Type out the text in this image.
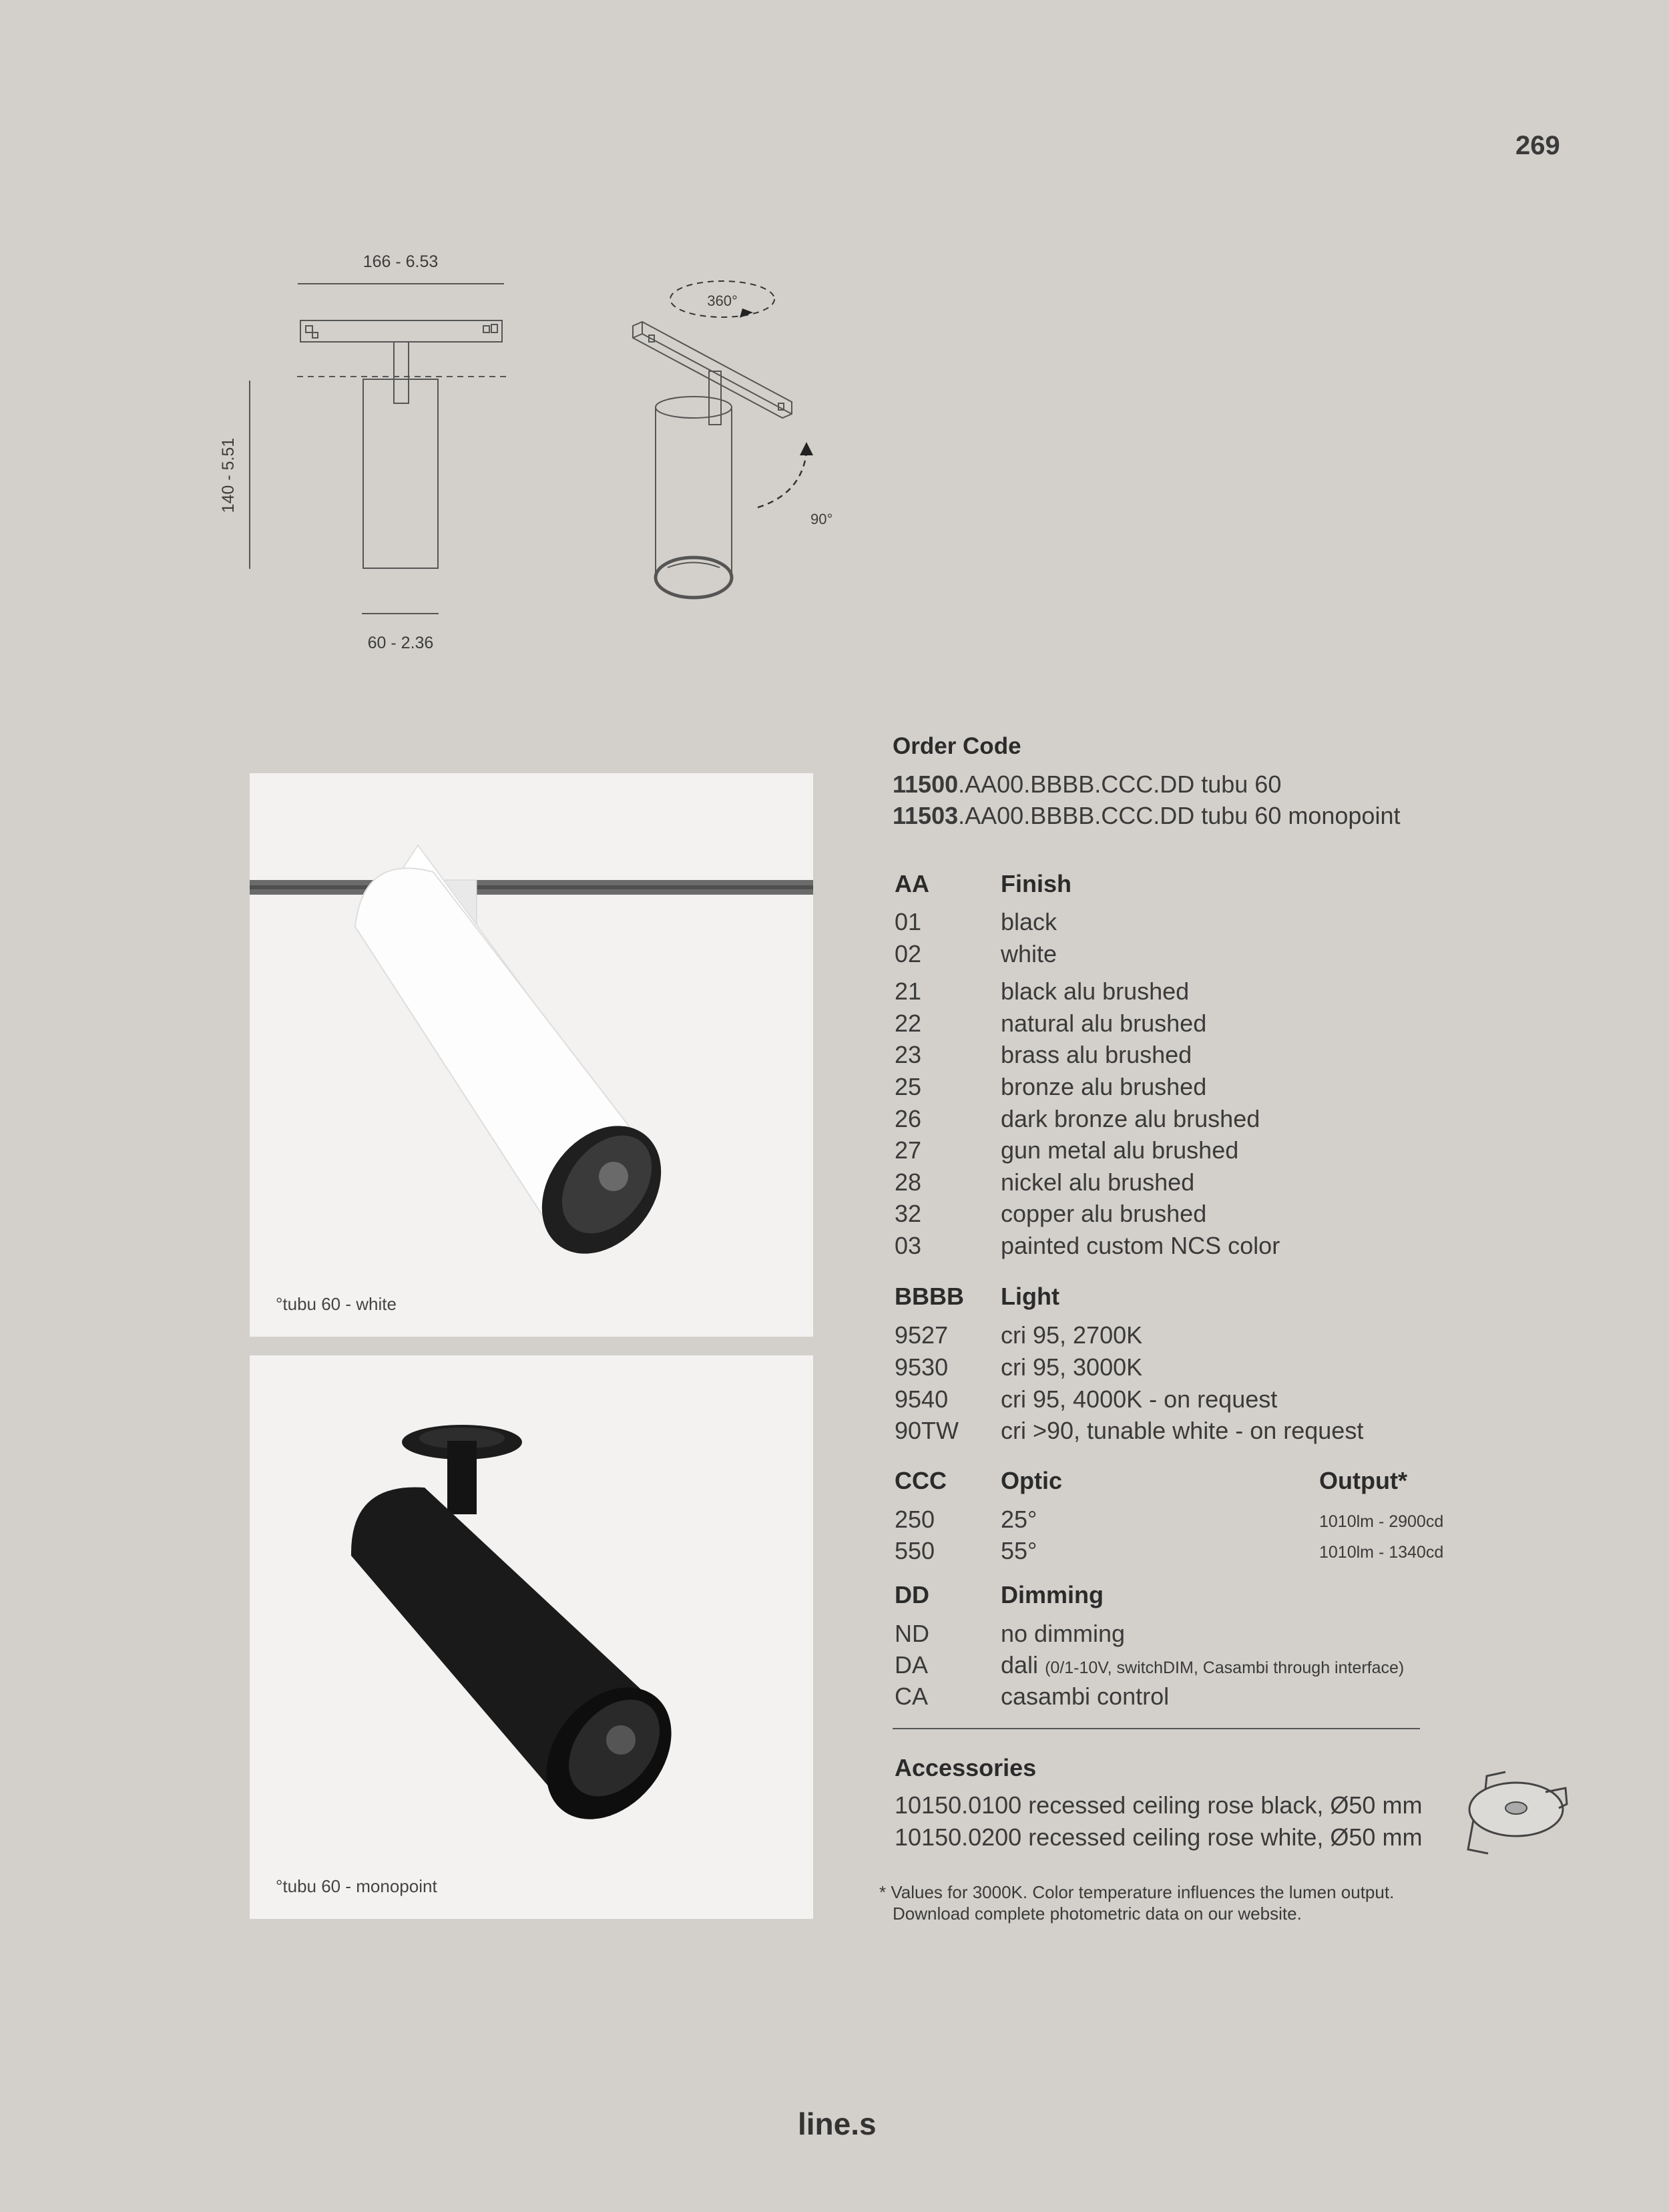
269
166 - 6.53
140 - 5.51
60 - 2.36
360°
90°
°tubu 60 - white
°tubu 60 - monopoint
Order Code
11500.AA00.BBBB.CCC.DD tubu 60
11503.AA00.BBBB.CCC.DD tubu 60 monopoint
AA	Finish
01	black
02	white
21	black alu brushed
22	natural alu brushed
23	brass alu brushed
25	bronze alu brushed
26	dark bronze alu brushed
27	gun metal alu brushed
28	nickel alu brushed
32	copper alu brushed
03	painted custom NCS color
BBBB Light
9527 cri 95, 2700K
9530 cri 95, 3000K
9540 cri 95, 4000K - on request
90TW cri >90, tunable white - on request
CCC Optic	Output*
250	25°	1010lm - 2900cd
550	55°	1010lm - 1340cd
DD	Dimming
ND	no dimming
DA	dali (0/1-10V, switchDIM, Casambi through interface)
CA	casambi control
Accessories
10150.0100 recessed ceiling rose black, Ø50 mm
10150.0200 recessed ceiling rose white, Ø50 mm
* Values for 3000K. Color temperature influences the lumen output.
Download complete photometric data on our website.
line.s
